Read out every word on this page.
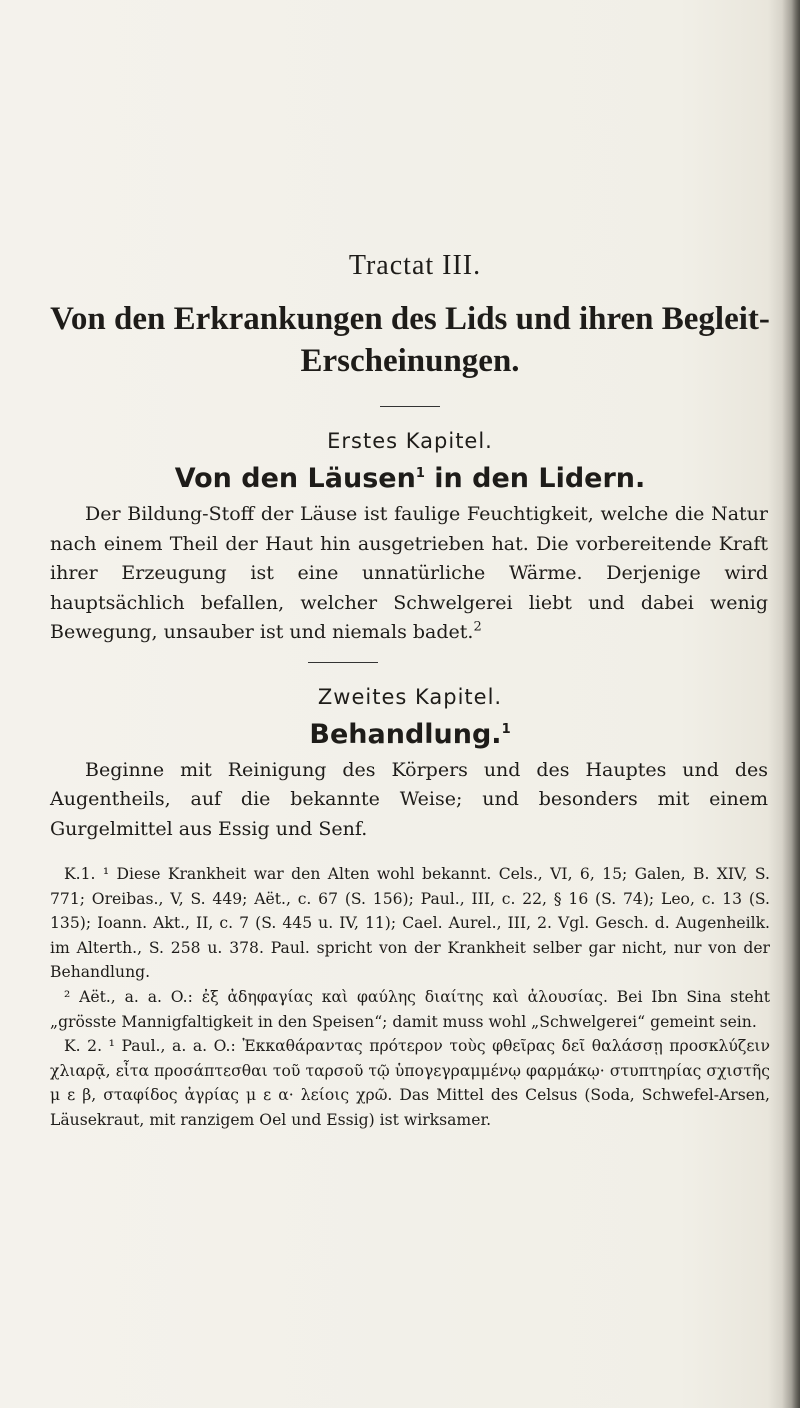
Tractat III.
Von den Erkrankungen des Lids und ihren Begleit-
Erscheinungen.
Erstes Kapitel.
Von den Läusen$^1$ in den Lidern.

Der Bildung-Stoff der Läuse ist faulige Feuchtigkeit, welche die Natur nach einem Theil der Haut hin ausgetrieben hat. Die vorbereitende Kraft ihrer Erzeugung ist eine unnatürliche Wärme. Derjenige wird hauptsächlich befallen, welcher Schwelgerei liebt und dabei wenig Bewegung, unsauber ist und niemals badet.$^2$

Zweites Kapitel.
Behandlung.$^1$

Beginne mit Reinigung des Körpers und des Hauptes und des Augentheils, auf die bekannte Weise; und besonders mit einem Gurgelmittel aus Essig und Senf.

K.1. ¹ Diese Krankheit war den Alten wohl bekannt. Cels., VI, 6, 15; Galen, B. XIV, S. 771; Oreibas., V, S. 449; Aët., c. 67 (S. 156); Paul., III, c. 22, § 16 (S. 74); Leo, c. 13 (S. 135); Ioann. Akt., II, c. 7 (S. 445 u. IV, 11); Cael. Aurel., III, 2. Vgl. Gesch. d. Augenheilk. im Alterth., S. 258 u. 378. Paul. spricht von der Krankheit selber gar nicht, nur von der Behandlung.

² Aët., a. a. O.: ἐξ ἀδηφαγίας καὶ φαύλης διαίτης καὶ ἀλουσίας. Bei Ibn Sina steht „grösste Mannigfaltigkeit in den Speisen“; damit muss wohl „Schwelgerei“ gemeint sein.

K. 2. ¹ Paul., a. a. O.: Ἐκκαθάραντας πρότερον τοὺς φθεῖρας δεῖ θαλάσσῃ προσκλύζειν χλιαρᾷ, εἶτα προσάπτεσθαι τοῦ ταρσοῦ τῷ ὑπογεγραμμένῳ φαρμάκῳ· στυπτηρίας σχιστῆς μ ε β, σταφίδος ἀγρίας μ ε α· λείοις χρῶ. Das Mittel des Celsus (Soda, Schwefel-Arsen, Läusekraut, mit ranzigem Oel und Essig) ist wirksamer.
